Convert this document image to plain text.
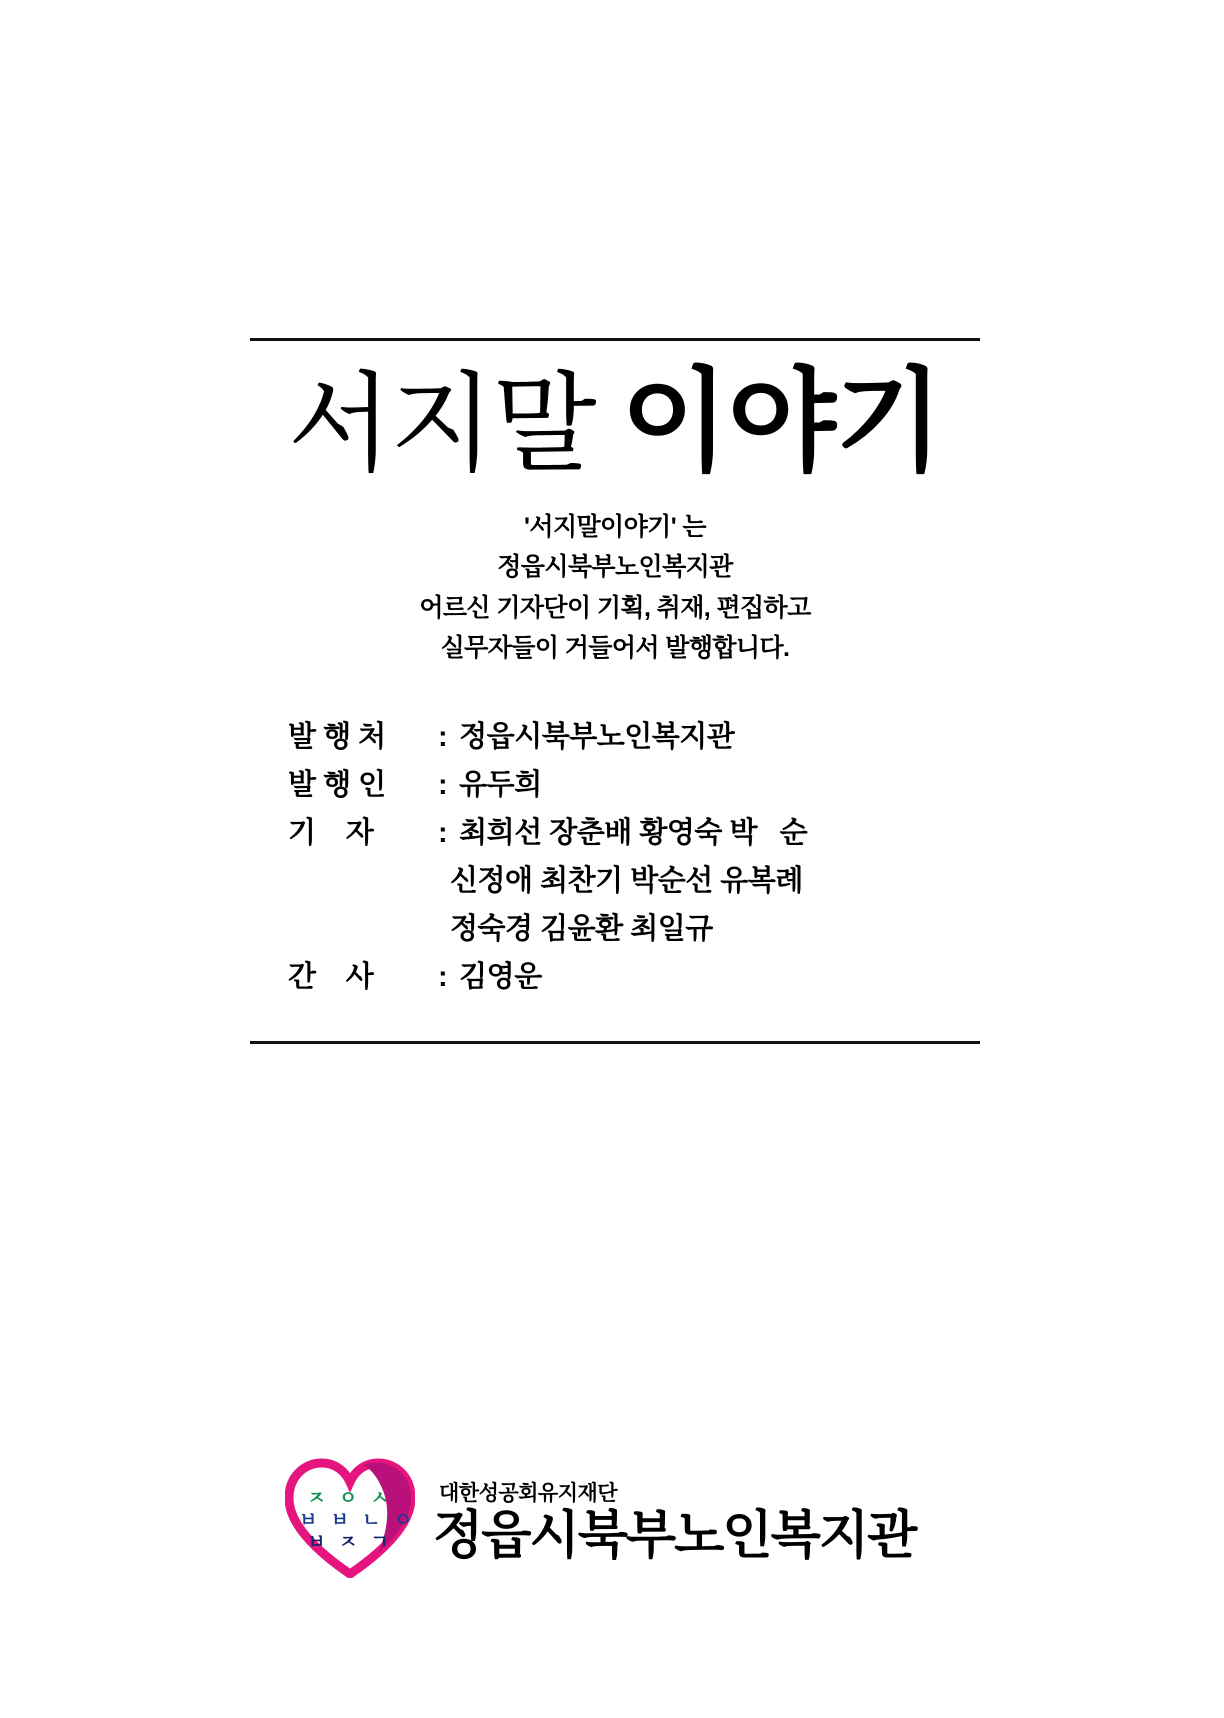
서지말 이야기
'서지말이야기' 는
정읍시북부노인복지관
어르신 기자단이 기획, 취재, 편집하고
실무자들이 거들어서 발행합니다.
발 행 처	: 정읍시북부노인복지관
발 행 인	: 유두희
기    자	: 최희선 장춘배 황영숙 박   순
신정애 최찬기 박순선 유복례
정숙경 김윤환 최일규
간    사	: 김영운
ㅈ ㅇ ㅅ
ㅂ ㅂ ㄴ ㅇ
ㅂ ㅈ ㄱ
대한성공회유지재단
정읍시북부노인복지관
